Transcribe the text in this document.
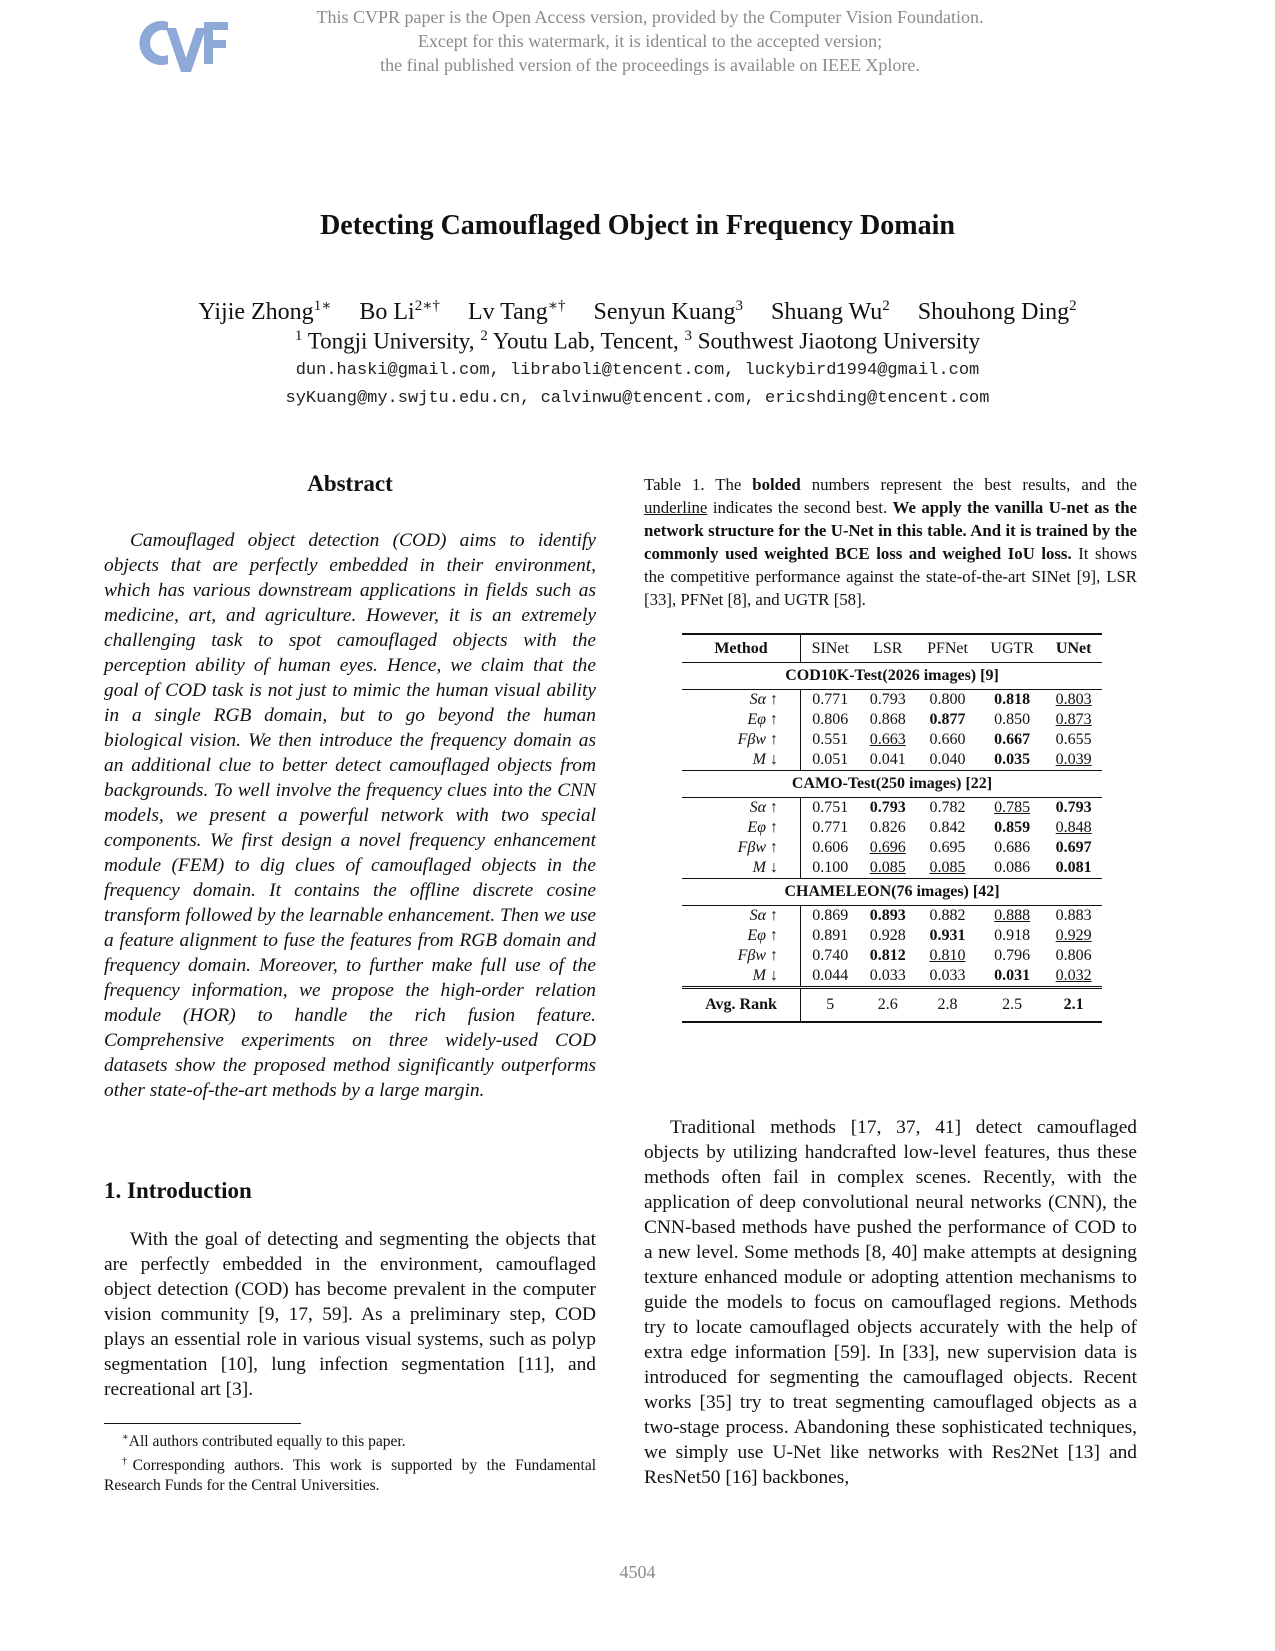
This CVPR paper is the Open Access version, provided by the Computer Vision Foundation.
Except for this watermark, it is identical to the accepted version;
the final published version of the proceedings is available on IEEE Xplore.
Detecting Camouflaged Object in Frequency Domain
Yijie Zhong$^{1∗}$ Bo $Li^{2∗\dagger}$ Lv Tang∗† Senyun Kuang$^3$ Shuang Wu$^2$ Shouhong Ding$^2$
$^1$ Tongji University, $^2$ Youtu Lab, Tencent, $^3$ Southwest Jiaotong University
dun.haski@gmail.com, libraboli@tencent.com, luckybird1994@gmail.com
syKuang@my.swjtu.edu.cn, calvinwu@tencent.com, ericshding@tencent.com
Abstract
Camouflaged object detection (COD) aims to identify objects that are perfectly embedded in their environment, which has various downstream applications in fields such as medicine, art, and agriculture. However, it is an extremely challenging task to spot camouflaged objects with the perception ability of human eyes. Hence, we claim that the goal of COD task is not just to mimic the human visual ability in a single RGB domain, but to go beyond the human biological vision. We then introduce the frequency domain as an additional clue to better detect camouflaged objects from backgrounds. To well involve the frequency clues into the CNN models, we present a powerful network with two special components. We first design a novel frequency enhancement module (FEM) to dig clues of camouflaged objects in the frequency domain. It contains the offline discrete cosine transform followed by the learnable enhancement. Then we use a feature alignment to fuse the features from RGB domain and frequency domain. Moreover, to further make full use of the frequency information, we propose the high-order relation module (HOR) to handle the rich fusion feature. Comprehensive experiments on three widely-used COD datasets show the proposed method significantly outperforms other state-of-the-art methods by a large margin.
1. Introduction
With the goal of detecting and segmenting the objects that are perfectly embedded in the environment, camouflaged object detection (COD) has become prevalent in the computer vision community [9, 17, 59]. As a preliminary step, COD plays an essential role in various visual systems, such as polyp segmentation [10], lung infection segmentation [11], and recreational art [3].

∗All authors contributed equally to this paper.

†Corresponding authors. This work is supported by the Fundamental Research Funds for the Central Universities.

Table 1. The bolded numbers represent the best results, and the underline indicates the second best. We apply the vanilla U-net as the network structure for the U-Net in this table. And it is trained by the commonly used weighted BCE loss and weighed IoU loss. It shows the competitive performance against the state-of-the-art SINet [9], LSR [33], PFNet [8], and UGTR [58].
Method	SINet	LSR	PFNet	UGTR	UNet
COD10K-Test(2026 images) [9]					
Sα ↑	0.771	0.793	0.800	0.818	0.803
Eφ ↑	0.806	0.868	0.877	0.850	0.873
Fβw ↑	0.551	0.663	0.660	0.667	0.655
M ↓	0.051	0.041	0.040	0.035	0.039
CAMO-Test(250 images) [22]					
Sα ↑	0.751	0.793	0.782	0.785	0.793
Eφ ↑	0.771	0.826	0.842	0.859	0.848
Fβw ↑	0.606	0.696	0.695	0.686	0.697
M ↓	0.100	0.085	0.085	0.086	0.081
CHAMELEON(76 images) [42]					
Sα ↑	0.869	0.893	0.882	0.888	0.883
Eφ ↑	0.891	0.928	0.931	0.918	0.929
Fβw ↑	0.740	0.812	0.810	0.796	0.806
M ↓	0.044	0.033	0.033	0.031	0.032
Avg. Rank	5	2.6	2.8	2.5	2.1
Traditional methods [17, 37, 41] detect camouflaged objects by utilizing handcrafted low-level features, thus these methods often fail in complex scenes. Recently, with the application of deep convolutional neural networks (CNN), the CNN-based methods have pushed the performance of COD to a new level. Some methods [8, 40] make attempts at designing texture enhanced module or adopting attention mechanisms to guide the models to focus on camouflaged regions. Methods try to locate camouflaged objects accurately with the help of extra edge information [59]. In [33], new supervision data is introduced for segmenting the camouflaged objects. Recent works [35] try to treat segmenting camouflaged objects as a two-stage process. Abandoning these sophisticated techniques, we simply use U-Net like networks with Res2Net [13] and ResNet50 [16] backbones,
4504
